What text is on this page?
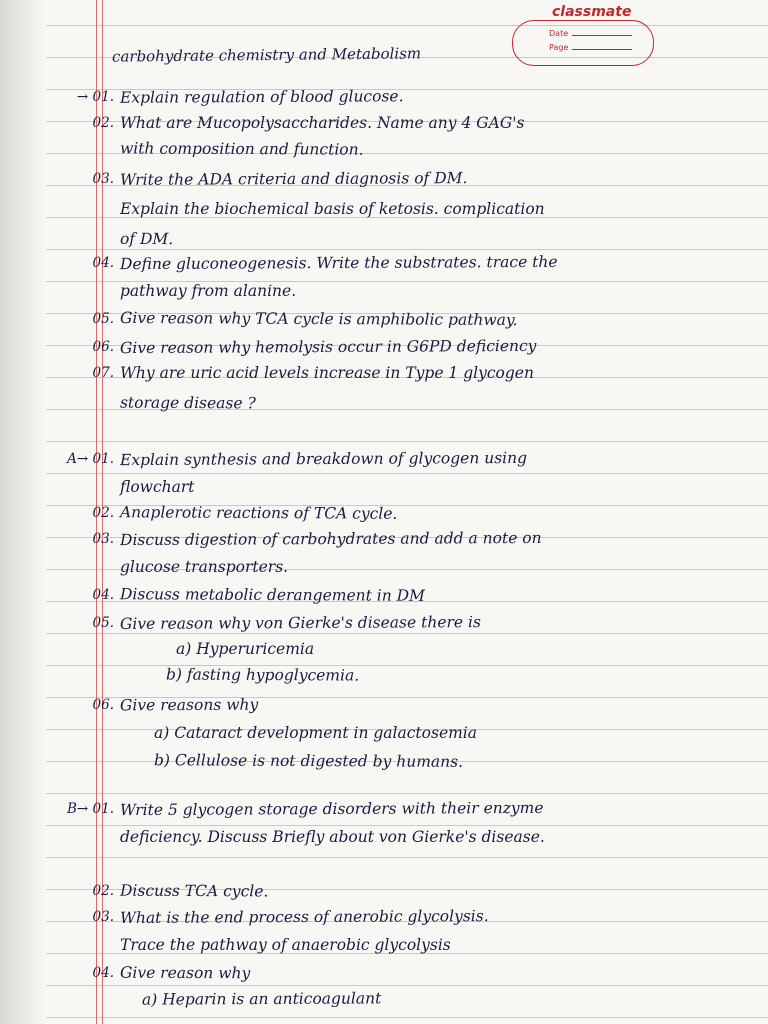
classmate
Date
Page
carbohydrate chemistry and Metabolism
→ 01. Explain regulation of blood glucose.
02. What are Mucopolysaccharides. Name any 4 GAG's
with composition and function.
03. Write the ADA criteria and diagnosis of DM.
Explain the biochemical basis of ketosis. complication
of DM.
04. Define gluconeogenesis. Write the substrates. trace the
pathway from alanine.
05. Give reason why TCA cycle is amphibolic pathway.
06. Give reason why hemolysis occur in G6PD deficiency
07. Why are uric acid levels increase in Type 1 glycogen
storage disease ?
A→ 01. Explain synthesis and breakdown of glycogen using
flowchart
02. Anaplerotic reactions of TCA cycle.
03. Discuss digestion of carbohydrates and add a note on
glucose transporters.
04. Discuss metabolic derangement in DM
05. Give reason why von Gierke's disease there is
a) Hyperuricemia
b) fasting hypoglycemia.
06. Give reasons why
a) Cataract development in galactosemia
b) Cellulose is not digested by humans.
B→ 01. Write 5 glycogen storage disorders with their enzyme
deficiency. Discuss Briefly about von Gierke's disease.
02. Discuss TCA cycle.
03. What is the end process of anerobic glycolysis.
Trace the pathway of anaerobic glycolysis
04. Give reason why
a) Heparin is an anticoagulant
